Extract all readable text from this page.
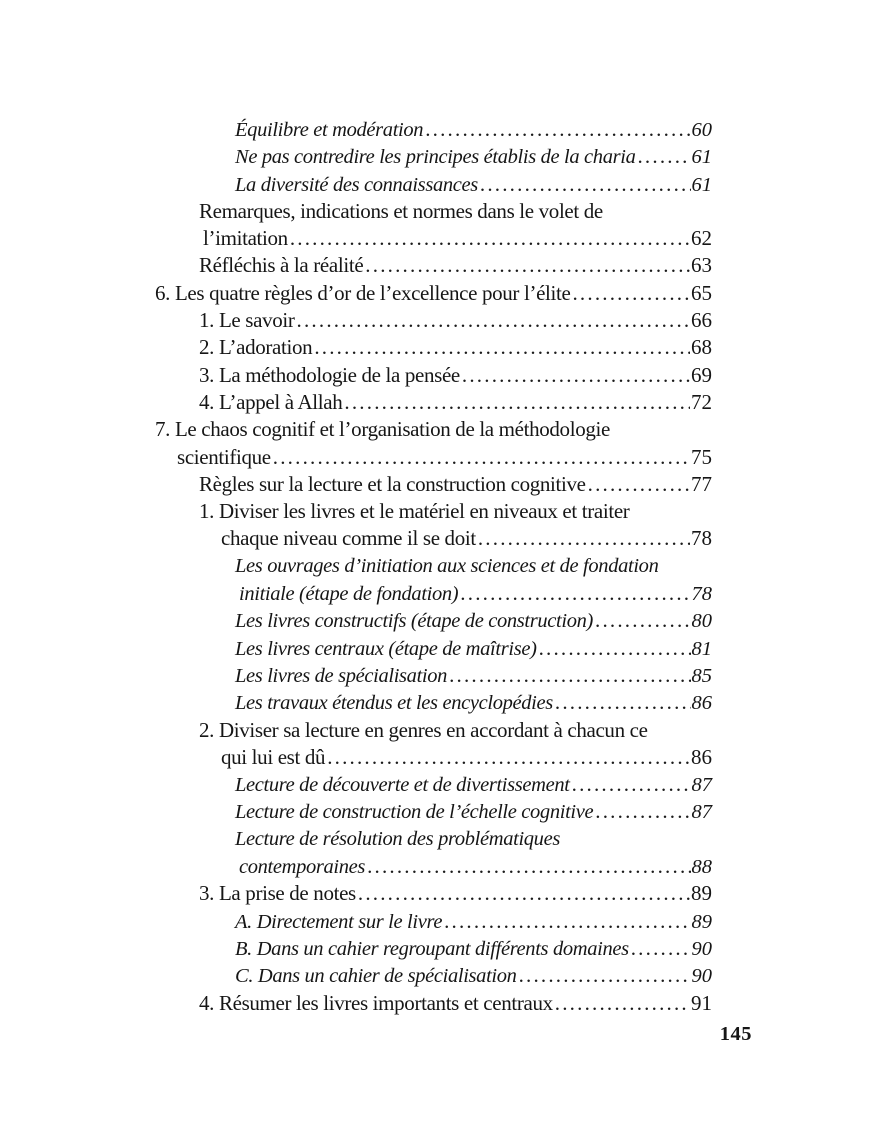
Équilibre et modération .....	60
Ne pas contredire les principes établis de la charia .....	61
La diversité des connaissances .....	61
Remarques, indications et normes dans le volet de
l’imitation .....	62
Réfléchis à la réalité .....	63
6. Les quatre règles d’or de l’excellence pour l’élite .....	65
1. Le savoir .....	66
2. L’adoration .....	68
3. La méthodologie de la pensée .....	69
4. L’appel à Allah .....	72
7. Le chaos cognitif et l’organisation de la méthodologie
scientifique .....	75
Règles sur la lecture et la construction cognitive .....	77
1. Diviser les livres et le matériel en niveaux et traiter
chaque niveau comme il se doit .....	78
Les ouvrages d’initiation aux sciences et de fondation
initiale (étape de fondation) .....	78
Les livres constructifs (étape de construction) .....	80
Les livres centraux (étape de maîtrise) .....	81
Les livres de spécialisation .....	85
Les travaux étendus et les encyclopédies .....	86
2. Diviser sa lecture en genres en accordant à chacun ce
qui lui est dû .....	86
Lecture de découverte et de divertissement .....	87
Lecture de construction de l’échelle cognitive .....	87
Lecture de résolution des problématiques
contemporaines .....	88
3. La prise de notes .....	89
A. Directement sur le livre .....	89
B. Dans un cahier regroupant différents domaines .....	90
C. Dans un cahier de spécialisation .....	90
4. Résumer les livres importants et centraux .....	91
145
